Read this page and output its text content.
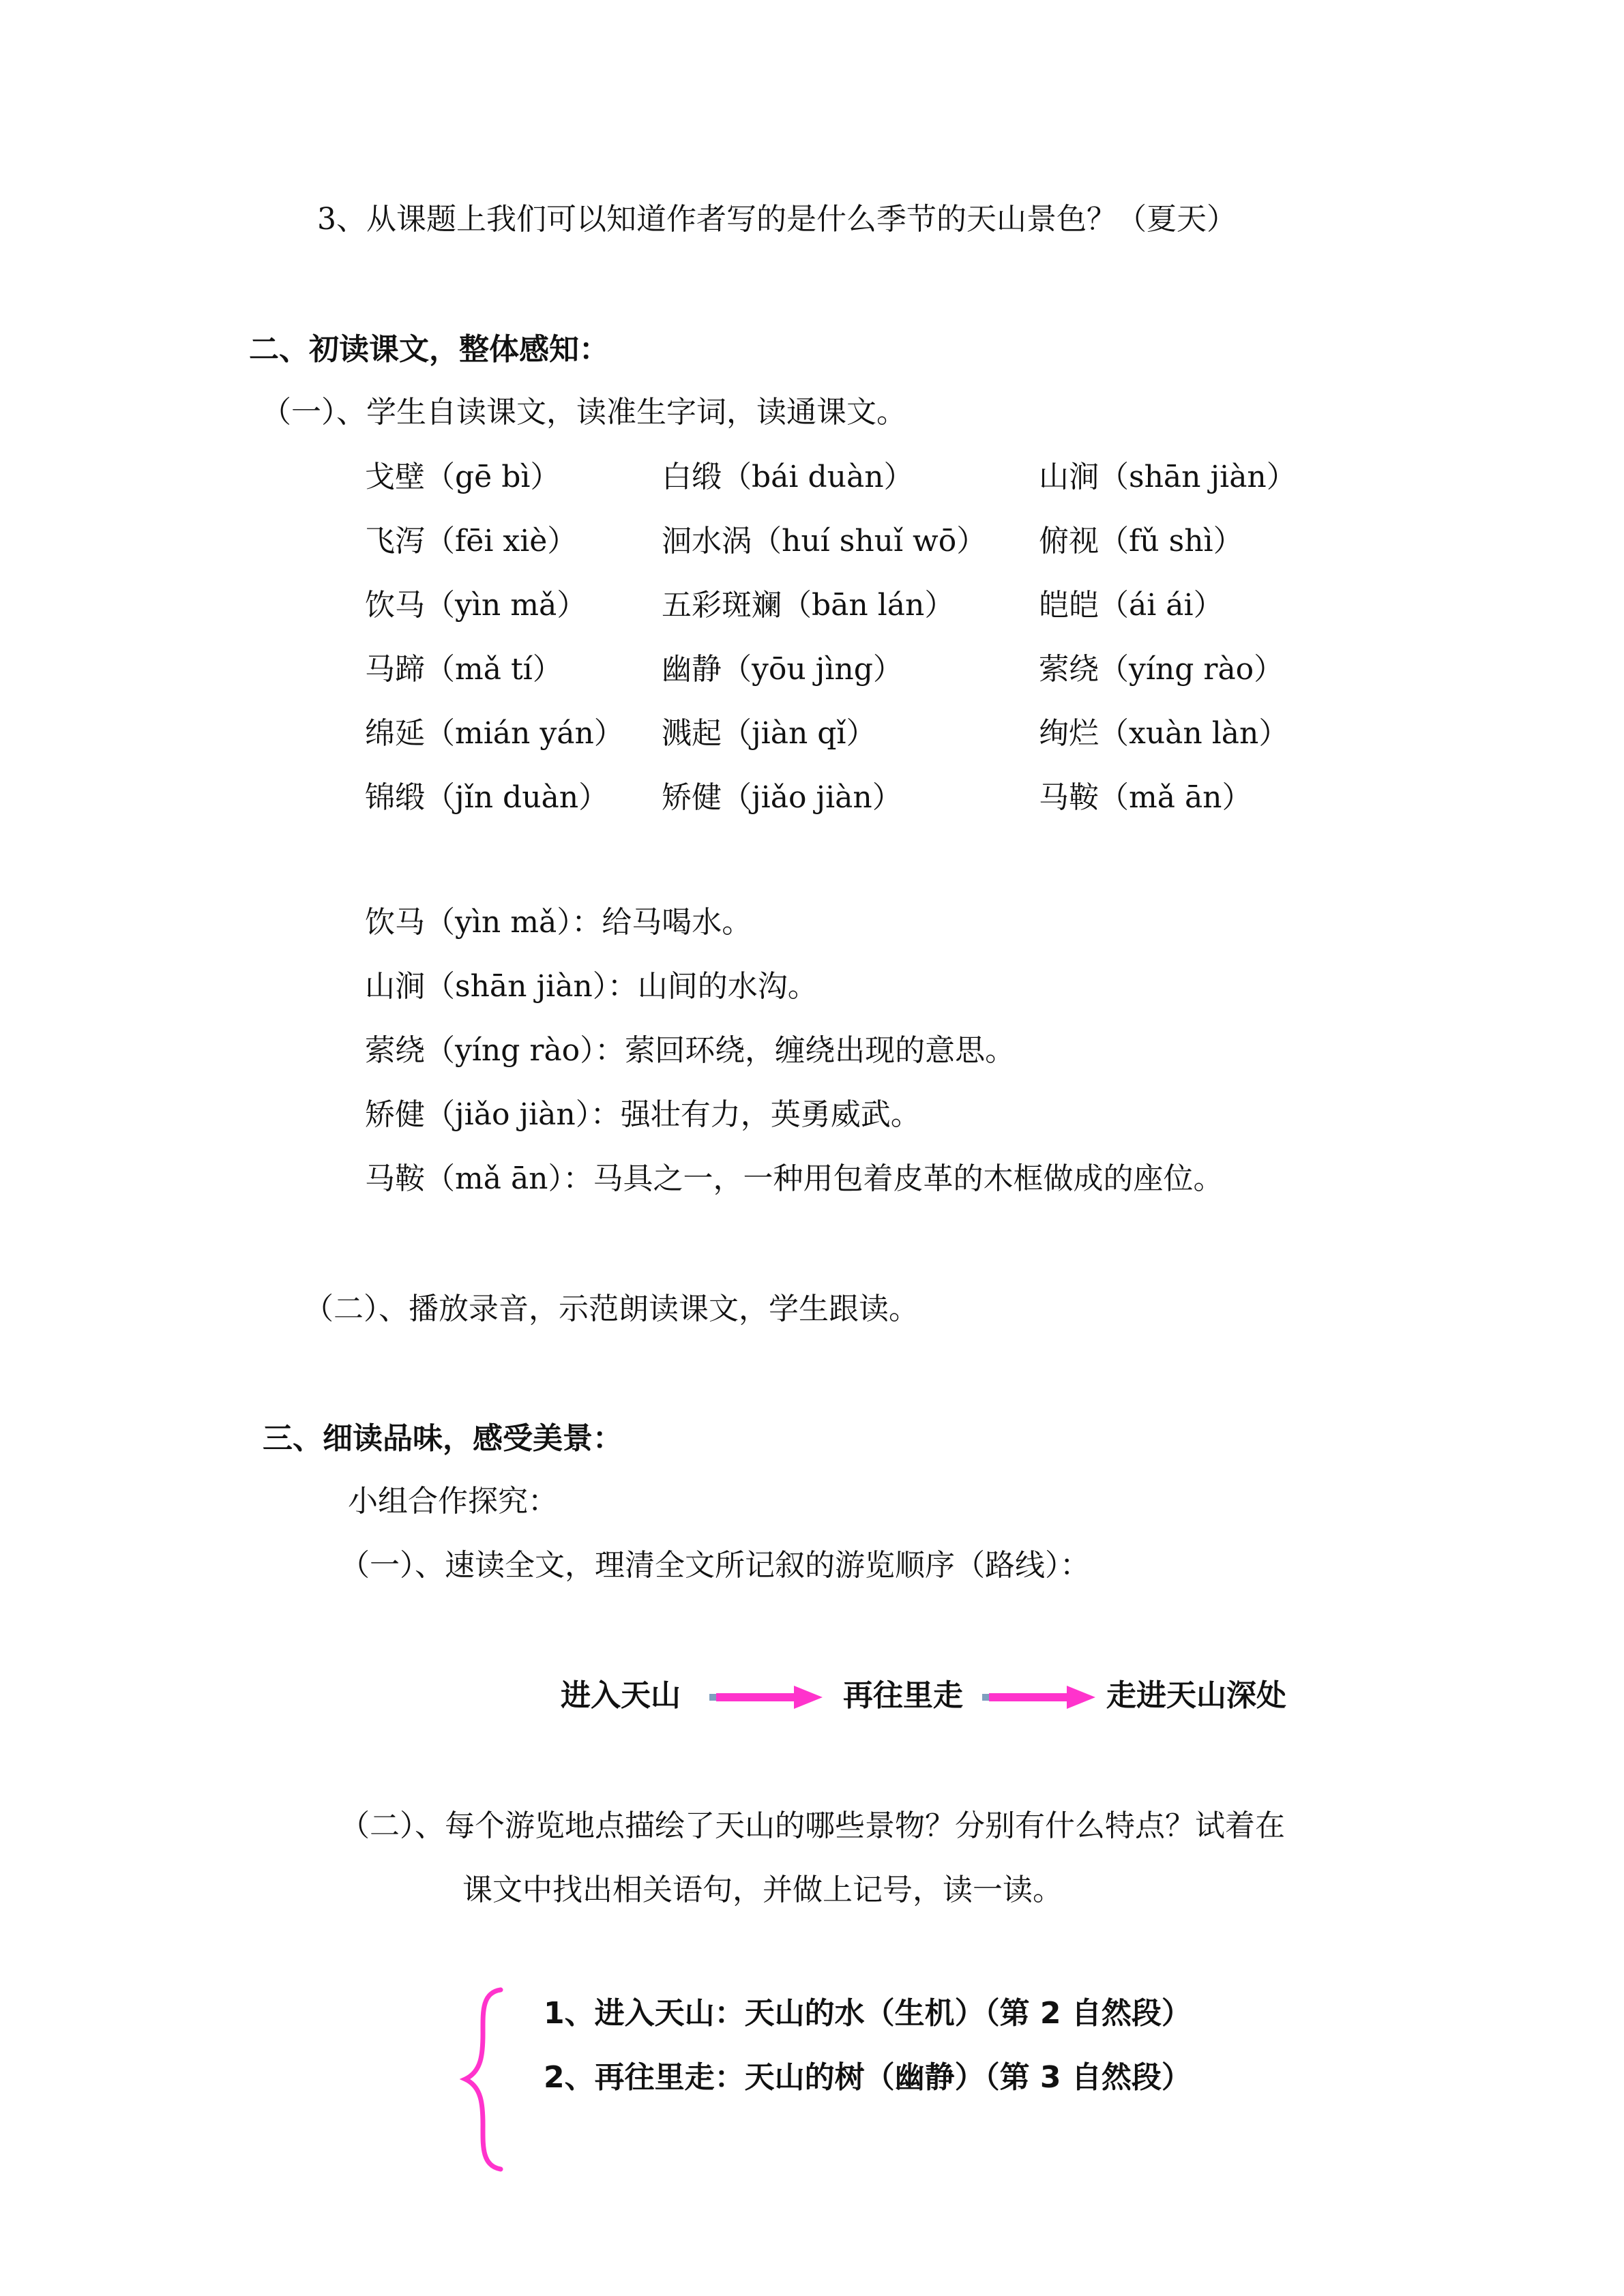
3、从课题上我们可以知道作者写的是什么季节的天山景色？（夏天）
二、初读课文，整体感知：
（一）、学生自读课文，读准生字词，读通课文。
戈壁（gē bì）	白缎（bái duàn）	山涧（shān jiàn）
飞泻（fēi xiè）	洄水涡（huí shuǐ wō） 俯视（fǔ shì）
饮马（yìn mǎ） 五彩斑斓（bān lán）	皑皑（ái ái）
马蹄（mǎ tí）	幽静（yōu jìng）	萦绕（yíng rào）
绵延（mián yán） 溅起（jiàn qǐ）	绚烂（xuàn làn）
锦缎（jǐn duàn） 矫健（jiǎo jiàn）	马鞍（mǎ ān）
饮马（yìn mǎ）：给马喝水。
山涧（shān jiàn）：山间的水沟。
萦绕（yíng rào）：萦回环绕，缠绕出现的意思。
矫健（jiǎo jiàn）：强壮有力，英勇威武。
马鞍（mǎ ān）：马具之一，一种用包着皮革的木框做成的座位。
（二）、播放录音，示范朗读课文，学生跟读。
三、细读品味，感受美景：
小组合作探究：
（一）、速读全文，理清全文所记叙的游览顺序（路线）：
进入天山	再往里走	走进天山深处
（二）、每个游览地点描绘了天山的哪些景物？分别有什么特点？试着在
课文中找出相关语句，并做上记号，读一读。
1、进入天山：天山的水（生机）（第 2 自然段）
2、再往里走：天山的树（幽静）（第 3 自然段）
